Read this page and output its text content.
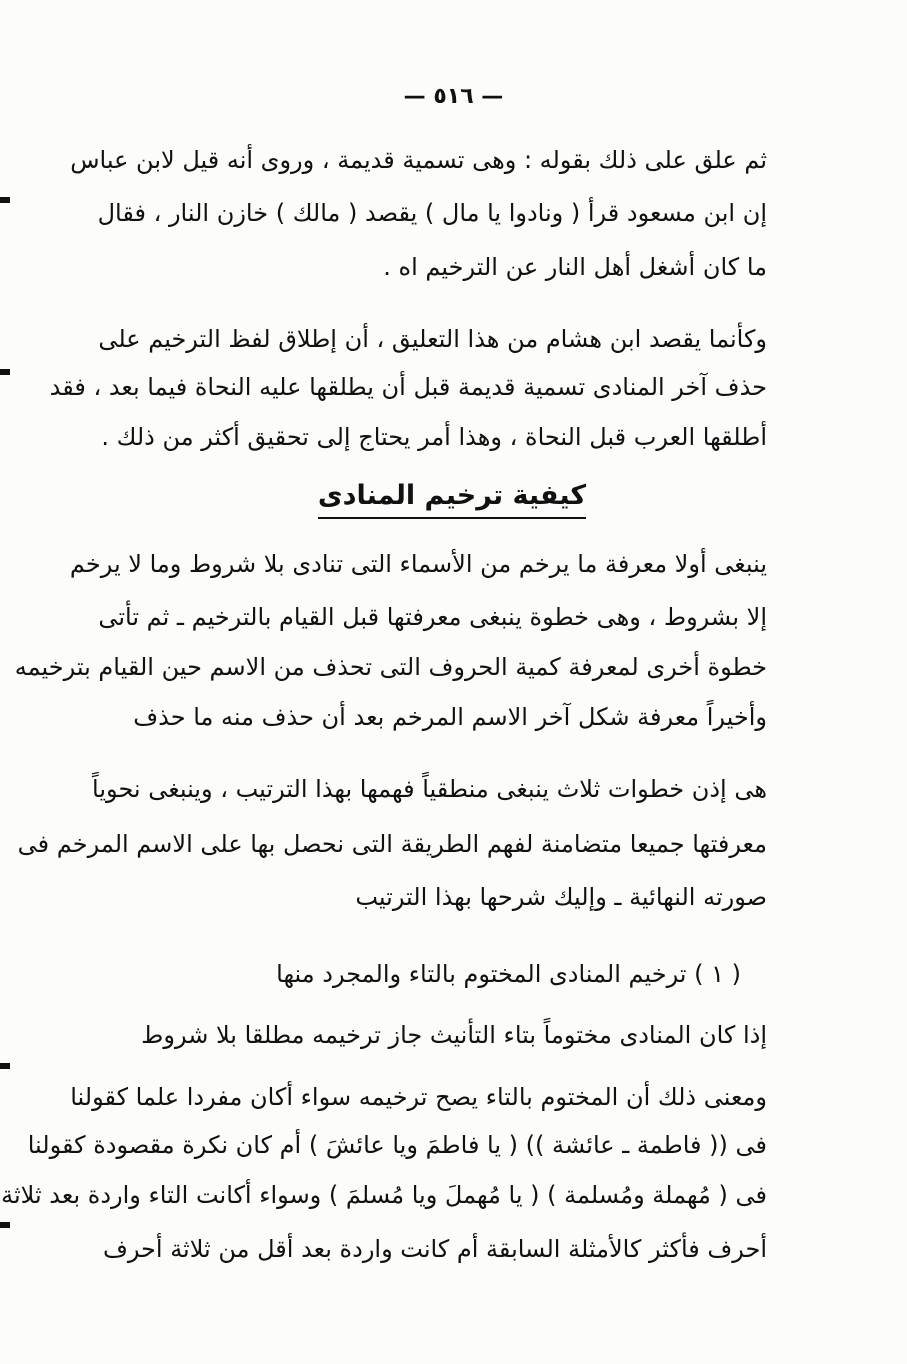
— ٥١٦ —
ثم علق على ذلك بقوله : وهى تسمية قديمة ، وروى أنه قيل لابن عباس
إن ابن مسعود قرأ ( ونادوا يا مال ) يقصد ( مالك ) خازن النار ، فقال
ما كان أشغل أهل النار عن الترخيم اه .
وكأنما يقصد ابن هشام من هذا التعليق ، أن إطلاق لفظ الترخيم على
حذف آخر المنادى تسمية قديمة قبل أن يطلقها عليه النحاة فيما بعد ، فقد
أطلقها العرب قبل النحاة ، وهذا أمر يحتاج إلى تحقيق أكثر من ذلك .
كيفية ترخيم المنادى
ينبغى أولا معرفة ما يرخم من الأسماء التى تنادى بلا شروط وما لا يرخم
إلا بشروط ، وهى خطوة ينبغى معرفتها قبل القيام بالترخيم ـ ثم تأتى
خطوة أخرى لمعرفة كمية الحروف التى تحذف من الاسم حين القيام بترخيمه
وأخيراً معرفة شكل آخر الاسم المرخم بعد أن حذف منه ما حذف
هى إذن خطوات ثلاث ينبغى منطقياً فهمها بهذا الترتيب ، وينبغى نحوياً
معرفتها جميعا متضامنة لفهم الطريقة التى نحصل بها على الاسم المرخم فى
صورته النهائية ـ وإليك شرحها بهذا الترتيب
( ١ ) ترخيم المنادى المختوم بالتاء والمجرد منها
إذا كان المنادى مختوماً بتاء التأنيث جاز ترخيمه مطلقا بلا شروط
ومعنى ذلك أن المختوم بالتاء يصح ترخيمه سواء أكان مفردا علما كقولنا
فى (( فاطمة ـ عائشة )) ( يا فاطمَ ويا عائشَ ) أم كان نكرة مقصودة كقولنا
فى ( مُهملة ومُسلمة ) ( يا مُهملَ ويا مُسلمَ ) وسواء أكانت التاء واردة بعد ثلاثة
أحرف فأكثر كالأمثلة السابقة أم كانت واردة بعد أقل من ثلاثة أحرف
